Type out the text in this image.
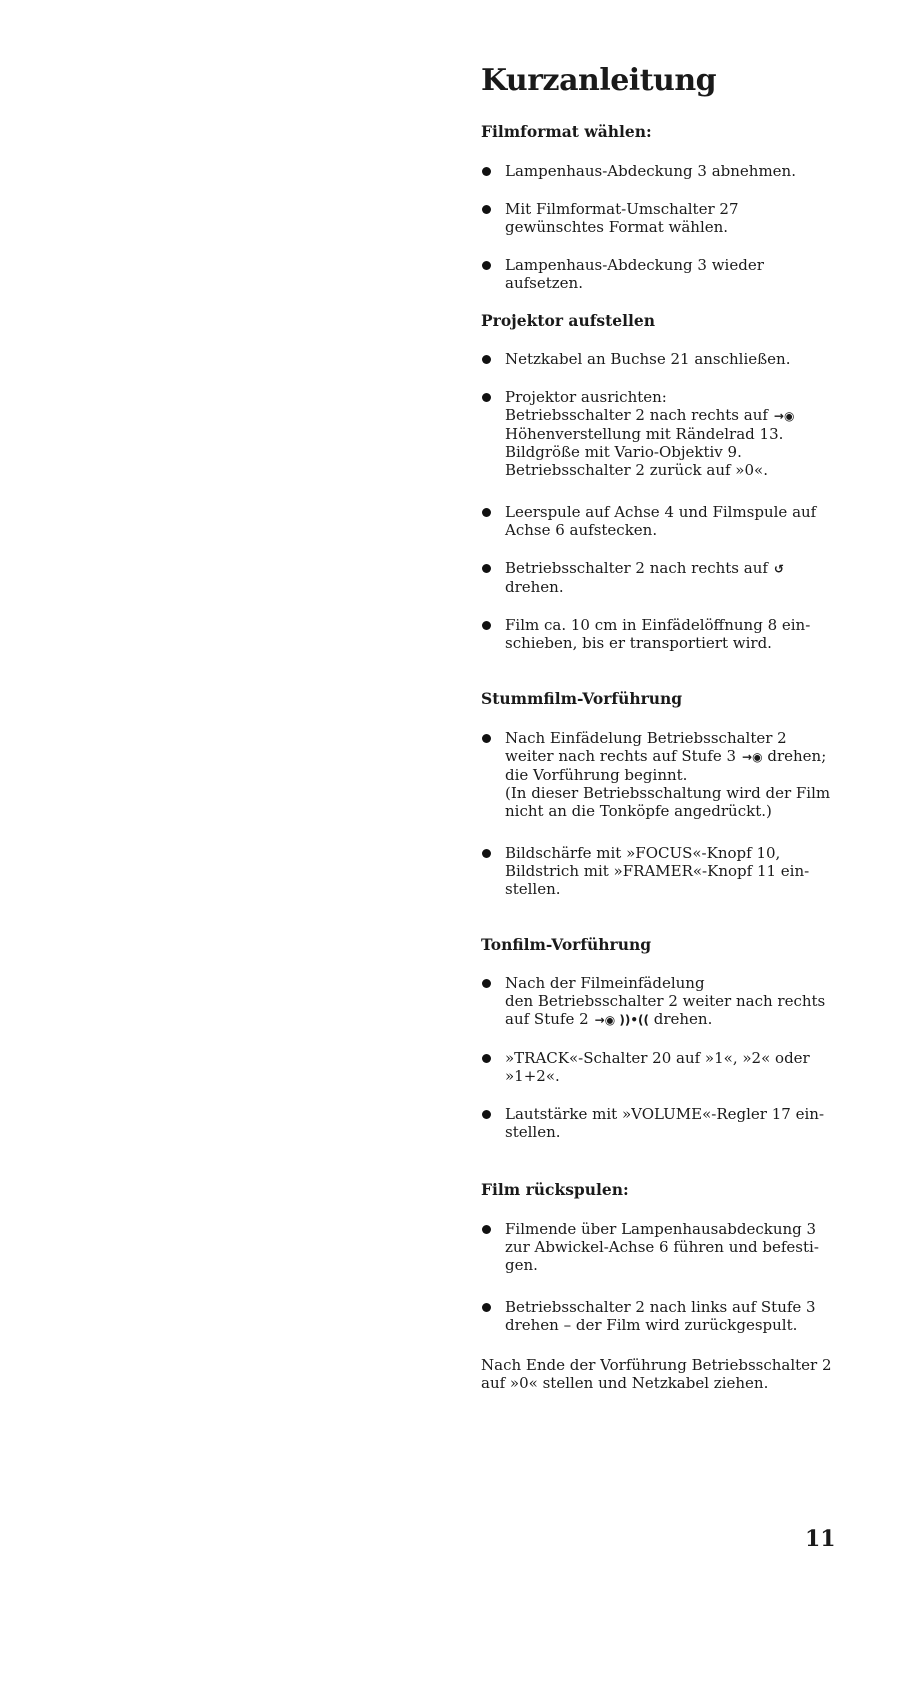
Kurzanleitung
Filmformat wählen:
Lampenhaus-Abdeckung 3 abnehmen.
Mit Filmformat-Umschalter 27
gewünschtes Format wählen.
Lampenhaus-Abdeckung 3 wieder
aufsetzen.
Projektor aufstellen
Netzkabel an Buchse 21 anschließen.
Projektor ausrichten:
Betriebsschalter 2 nach rechts auf →◉
Höhenverstellung mit Rändelrad 13.
Bildgröße mit Vario-Objektiv 9.
Betriebsschalter 2 zurück auf »0«.
Leerspule auf Achse 4 und Filmspule auf
Achse 6 aufstecken.
Betriebsschalter 2 nach rechts auf ↺
drehen.
Film ca. 10 cm in Einfädelöffnung 8 ein-
schieben, bis er transportiert wird.
Stummfilm-Vorführung
Nach Einfädelung Betriebsschalter 2
weiter nach rechts auf Stufe 3 →◉ drehen;
die Vorführung beginnt.
(In dieser Betriebsschaltung wird der Film
nicht an die Tonköpfe angedrückt.)
Bildschärfe mit »FOCUS«-Knopf 10,
Bildstrich mit »FRAMER«-Knopf 11 ein-
stellen.
Tonfilm-Vorführung
Nach der Filmeinfädelung
den Betriebsschalter 2 weiter nach rechts
auf Stufe 2 →◉ ))•(( drehen.
»TRACK«-Schalter 20 auf »1«, »2« oder
»1+2«.
Lautstärke mit »VOLUME«-Regler 17 ein-
stellen.
Film rückspulen:
Filmende über Lampenhausabdeckung 3
zur Abwickel-Achse 6 führen und befesti-
gen.
Betriebsschalter 2 nach links auf Stufe 3
drehen – der Film wird zurückgespult.

Nach Ende der Vorführung Betriebsschalter 2
auf »0« stellen und Netzkabel ziehen.

11
